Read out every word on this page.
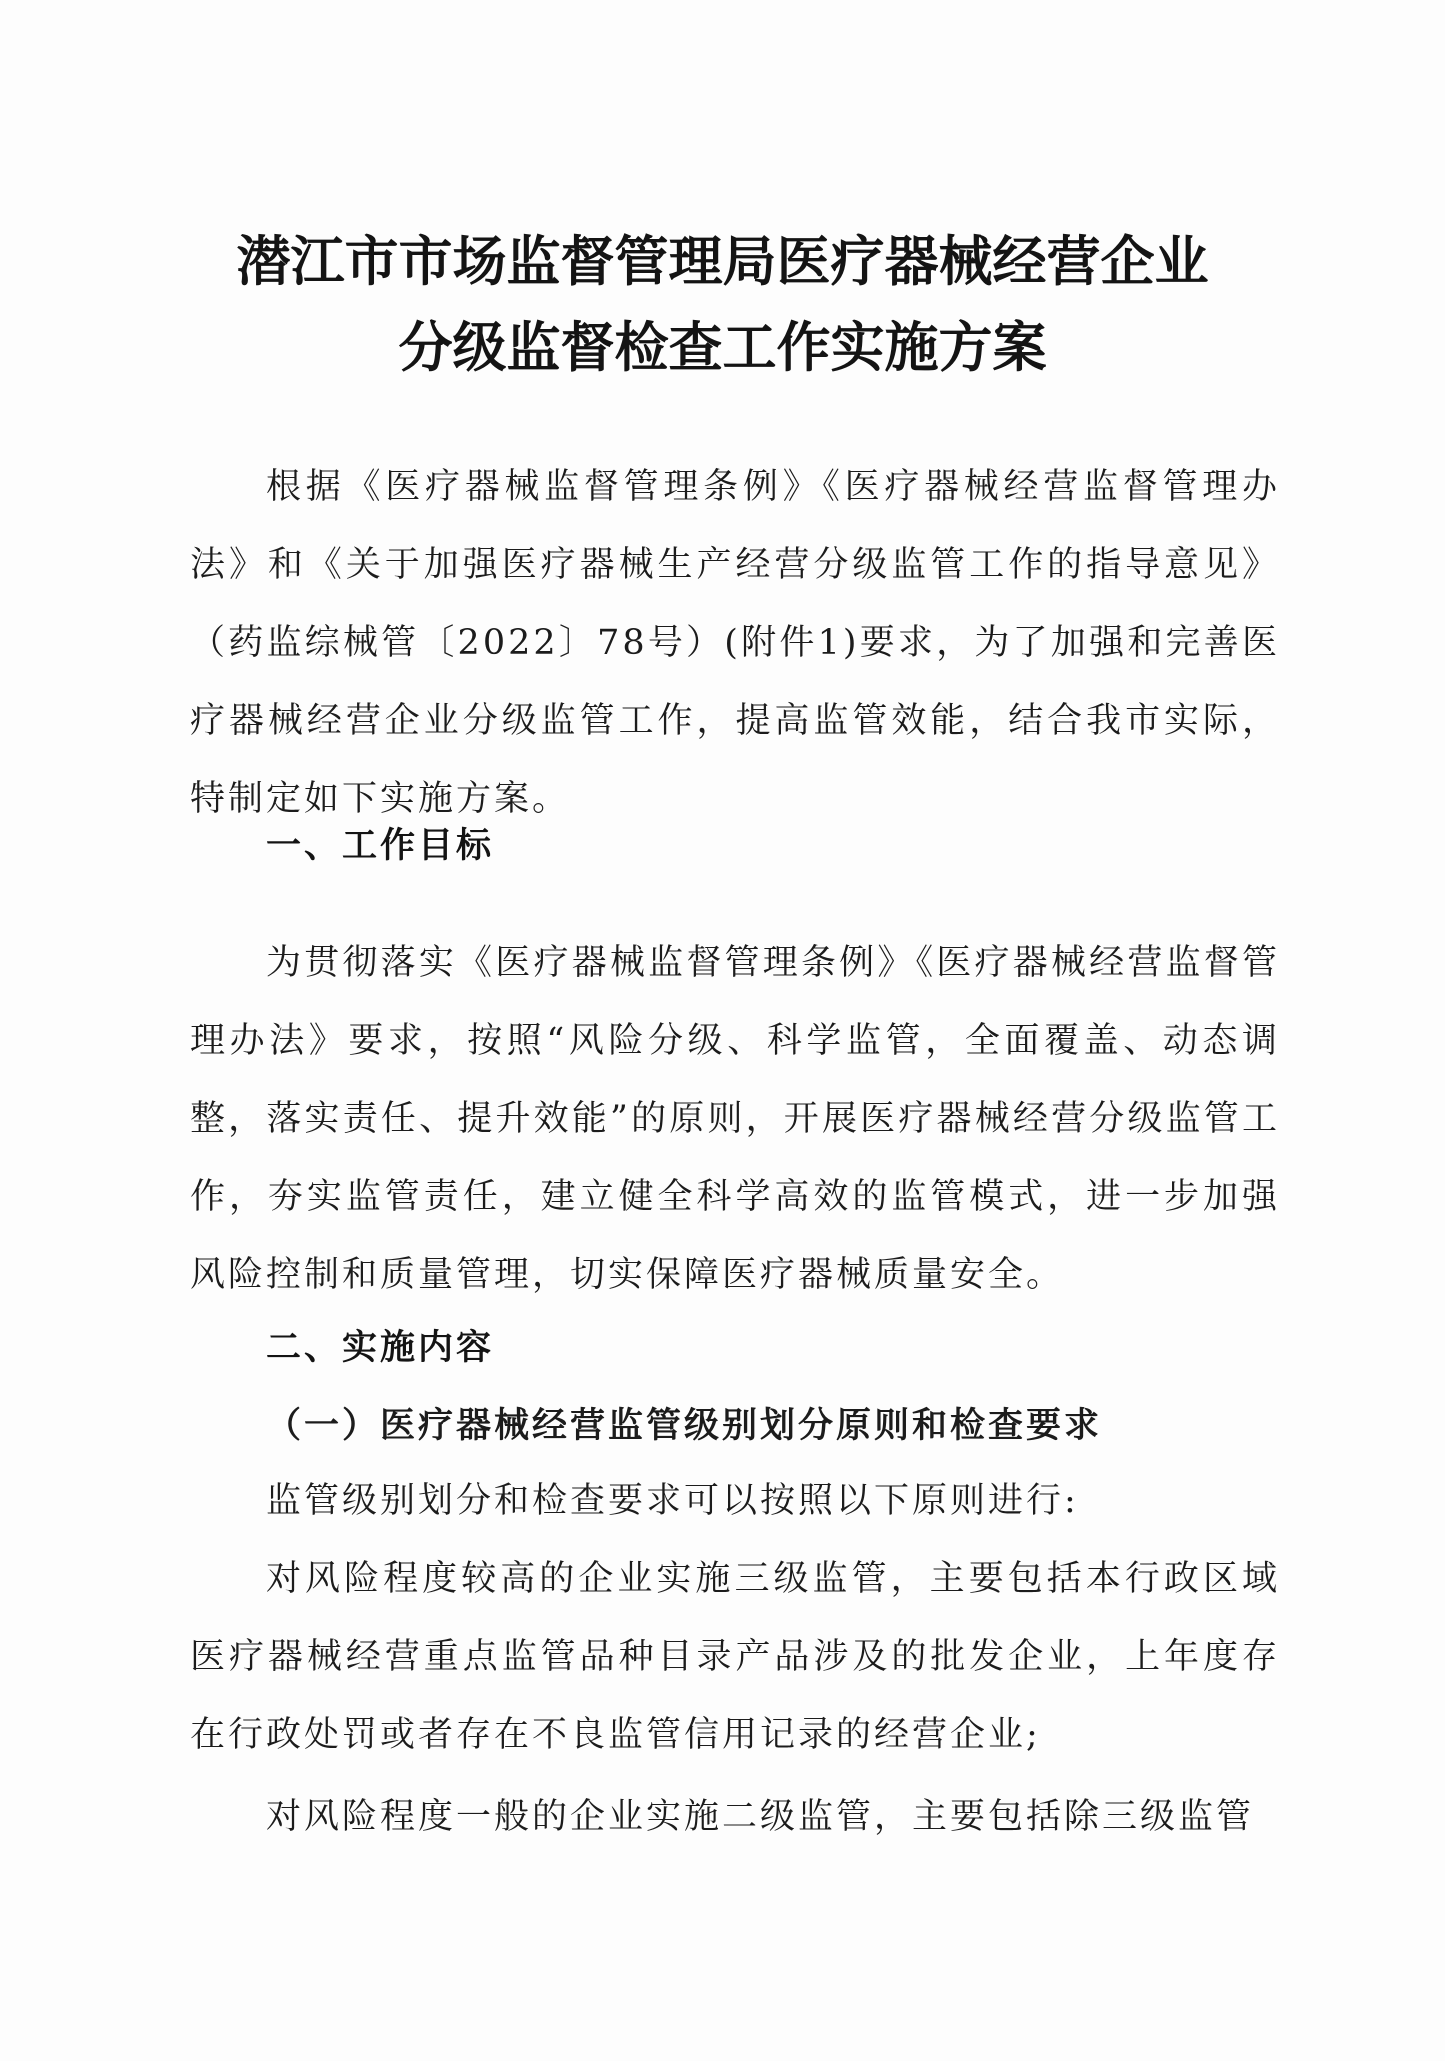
潜江市市场监督管理局医疗器械经营企业
分级监督检查工作实施方案

根据《医疗器械监督管理条例》《医疗器械经营监督管理办法》和《关于加强医疗器械生产经营分级监管工作的指导意见》（药监综械管〔2022〕78号）(附件1)要求，为了加强和完善医疗器械经营企业分级监管工作，提高监管效能，结合我市实际，特制定如下实施方案。

一、工作目标

为贯彻落实《医疗器械监督管理条例》《医疗器械经营监督管理办法》要求，按照“风险分级、科学监管，全面覆盖、动态调整，落实责任、提升效能”的原则，开展医疗器械经营分级监管工作，夯实监管责任，建立健全科学高效的监管模式，进一步加强风险控制和质量管理，切实保障医疗器械质量安全。

二、实施内容
（一）医疗器械经营监管级别划分原则和检查要求

监管级别划分和检查要求可以按照以下原则进行:

对风险程度较高的企业实施三级监管，主要包括本行政区域医疗器械经营重点监管品种目录产品涉及的批发企业，上年度存在行政处罚或者存在不良监管信用记录的经营企业;

对风险程度一般的企业实施二级监管，主要包括除三级监管
